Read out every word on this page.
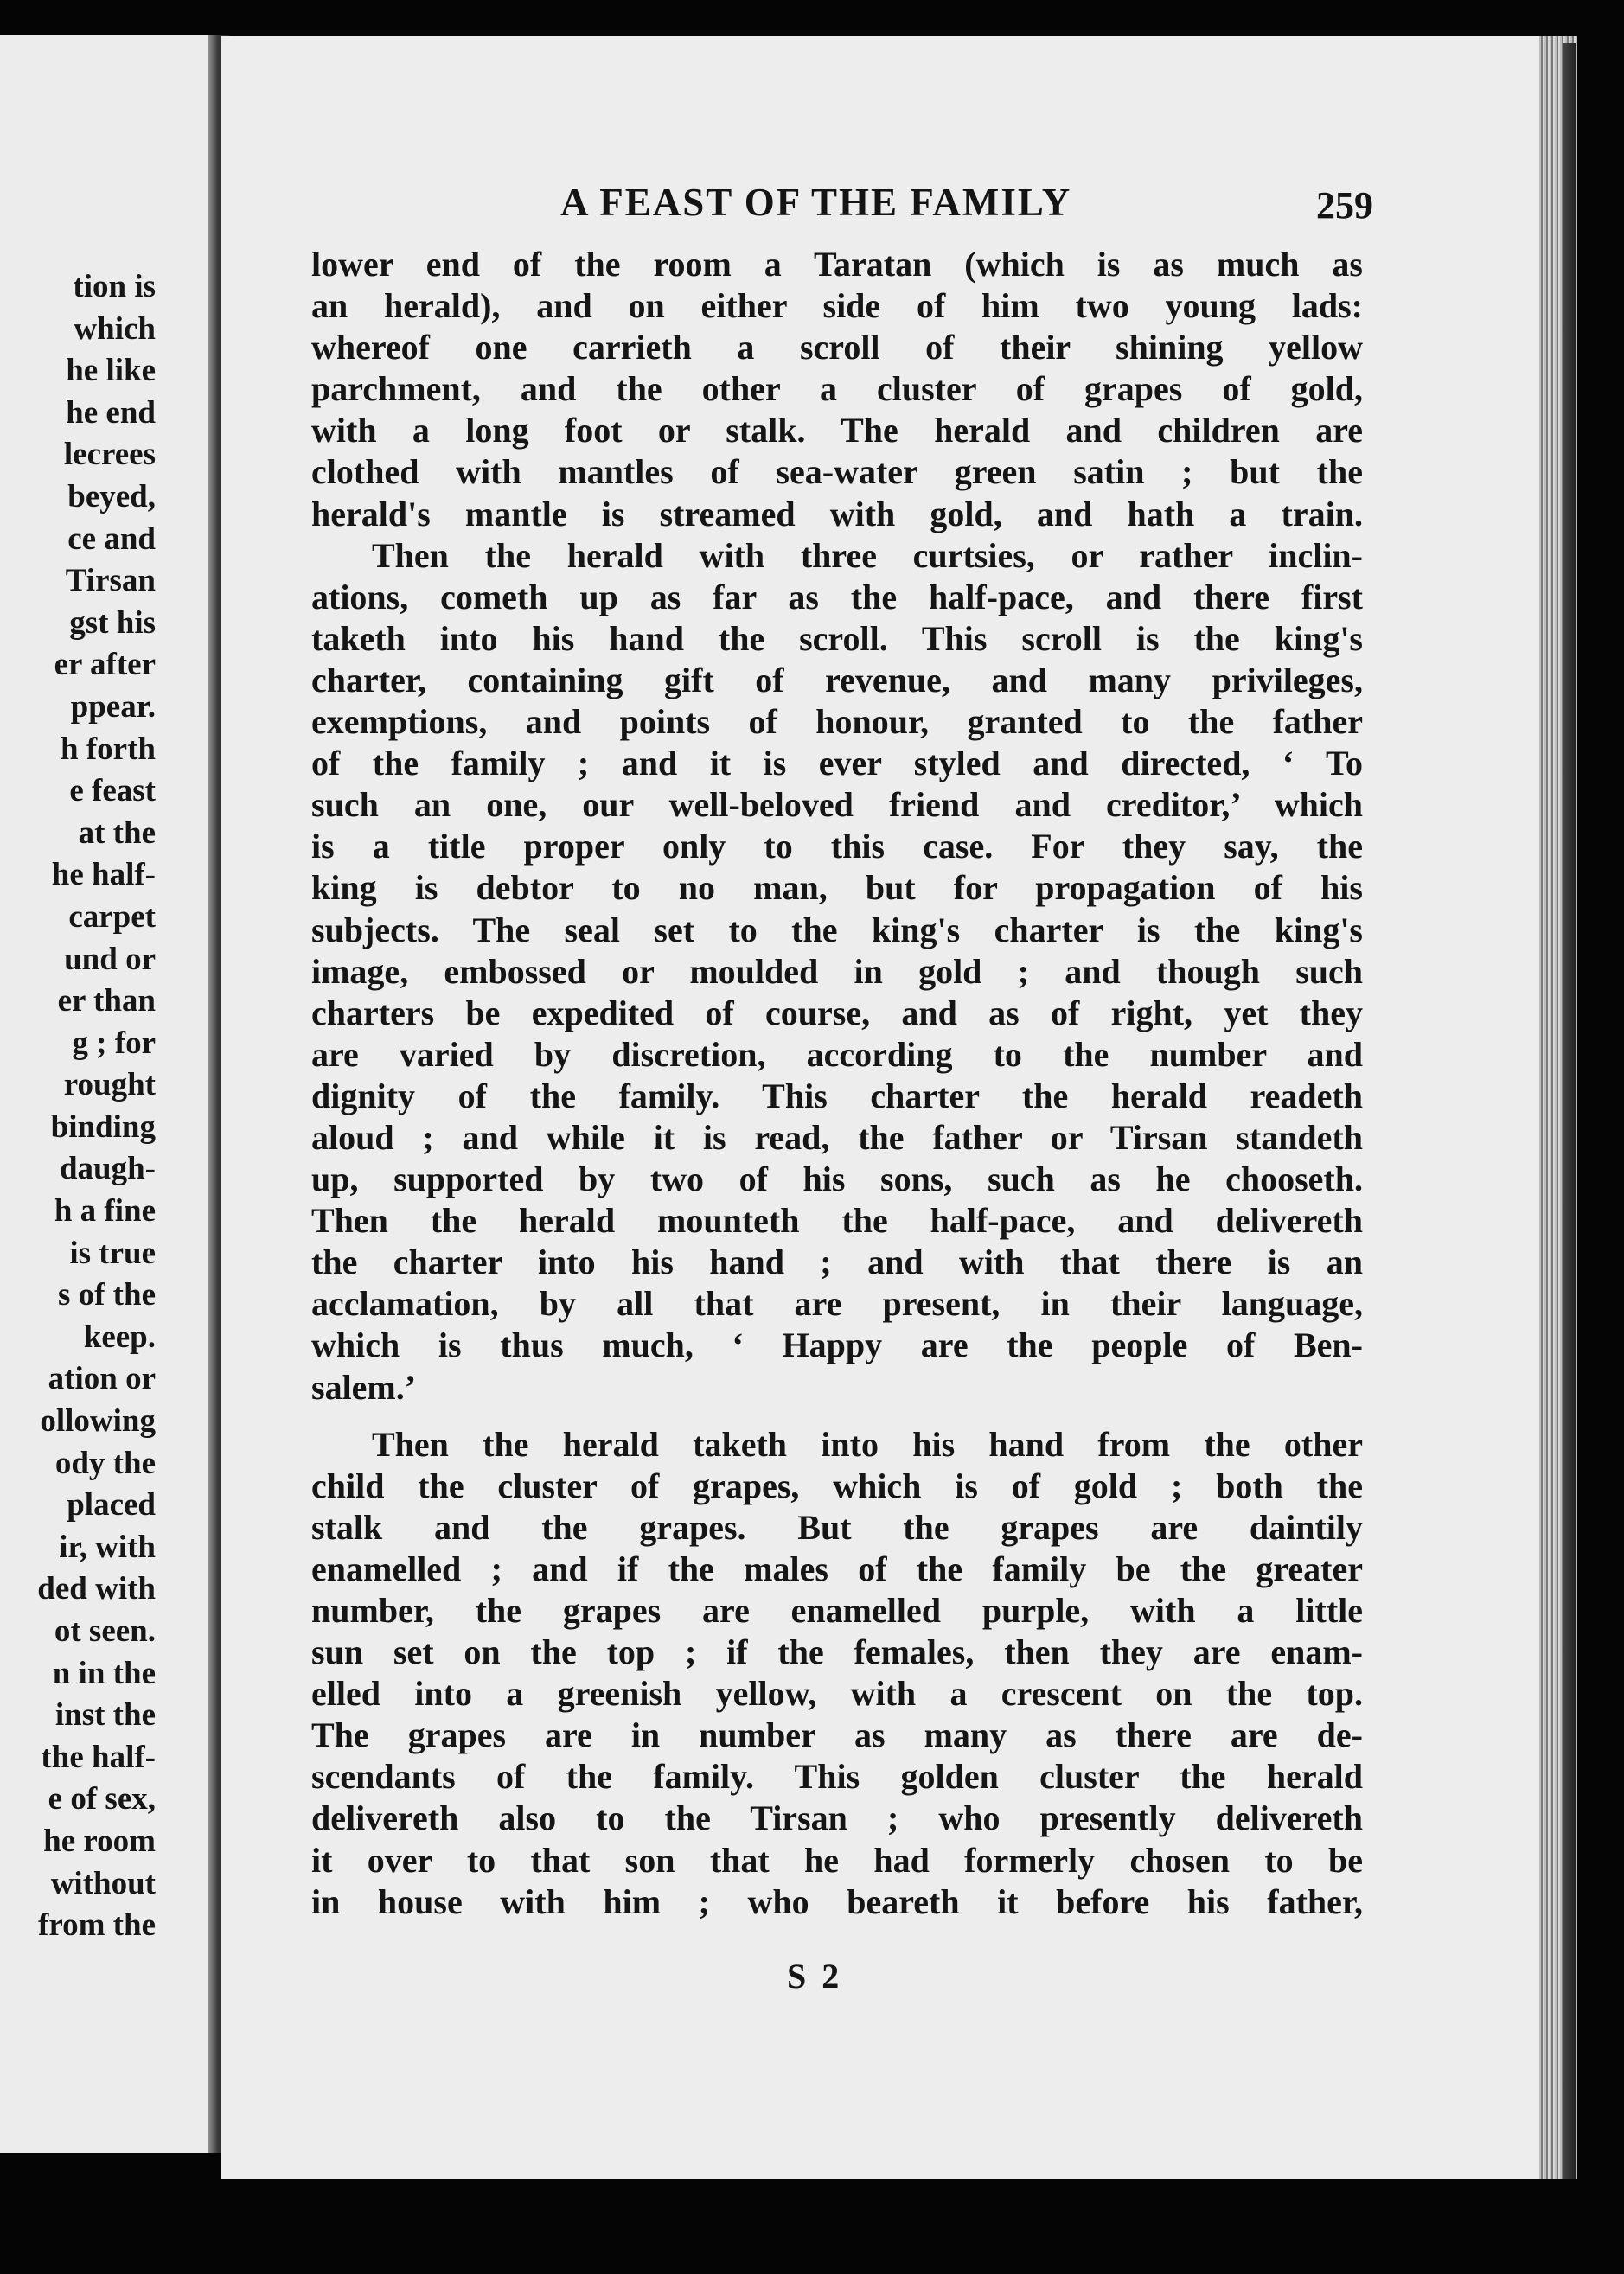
tion is
which
he like
he end
lecrees
beyed,
ce and
Tirsan
gst his
er after
ppear.
h forth
e feast
at the
he half-
carpet
und or
er than
g ; for
rought
binding
daugh-
h a fine
is true
s of the
keep.
ation or
ollowing
ody the
placed
ir, with
ded with
ot seen.
n in the
inst the
the half-
e of sex,
he room
without
from the
A FEAST OF THE FAMILY	259
lower end of the room a Taratan (which is as much as
an herald), and on either side of him two young lads:
whereof one carrieth a scroll of their shining yellow
parchment, and the other a cluster of grapes of gold,
with a long foot or stalk. The herald and children are
clothed with mantles of sea-water green satin ; but the
herald's mantle is streamed with gold, and hath a train.
Then the herald with three curtsies, or rather inclin-
ations, cometh up as far as the half-pace, and there first
taketh into his hand the scroll. This scroll is the king's
charter, containing gift of revenue, and many privileges,
exemptions, and points of honour, granted to the father
of the family ; and it is ever styled and directed, ‘ To
such an one, our well-beloved friend and creditor,’ which
is a title proper only to this case. For they say, the
king is debtor to no man, but for propagation of his
subjects. The seal set to the king's charter is the king's
image, embossed or moulded in gold ; and though such
charters be expedited of course, and as of right, yet they
are varied by discretion, according to the number and
dignity of the family. This charter the herald readeth
aloud ; and while it is read, the father or Tirsan standeth
up, supported by two of his sons, such as he chooseth.
Then the herald mounteth the half-pace, and delivereth
the charter into his hand ; and with that there is an
acclamation, by all that are present, in their language,
which is thus much, ‘ Happy are the people of Ben-
salem.’
Then the herald taketh into his hand from the other
child the cluster of grapes, which is of gold ; both the
stalk and the grapes. But the grapes are daintily
enamelled ; and if the males of the family be the greater
number, the grapes are enamelled purple, with a little
sun set on the top ; if the females, then they are enam-
elled into a greenish yellow, with a crescent on the top.
The grapes are in number as many as there are de-
scendants of the family. This golden cluster the herald
delivereth also to the Tirsan ; who presently delivereth
it over to that son that he had formerly chosen to be
in house with him ; who beareth it before his father,
S 2
